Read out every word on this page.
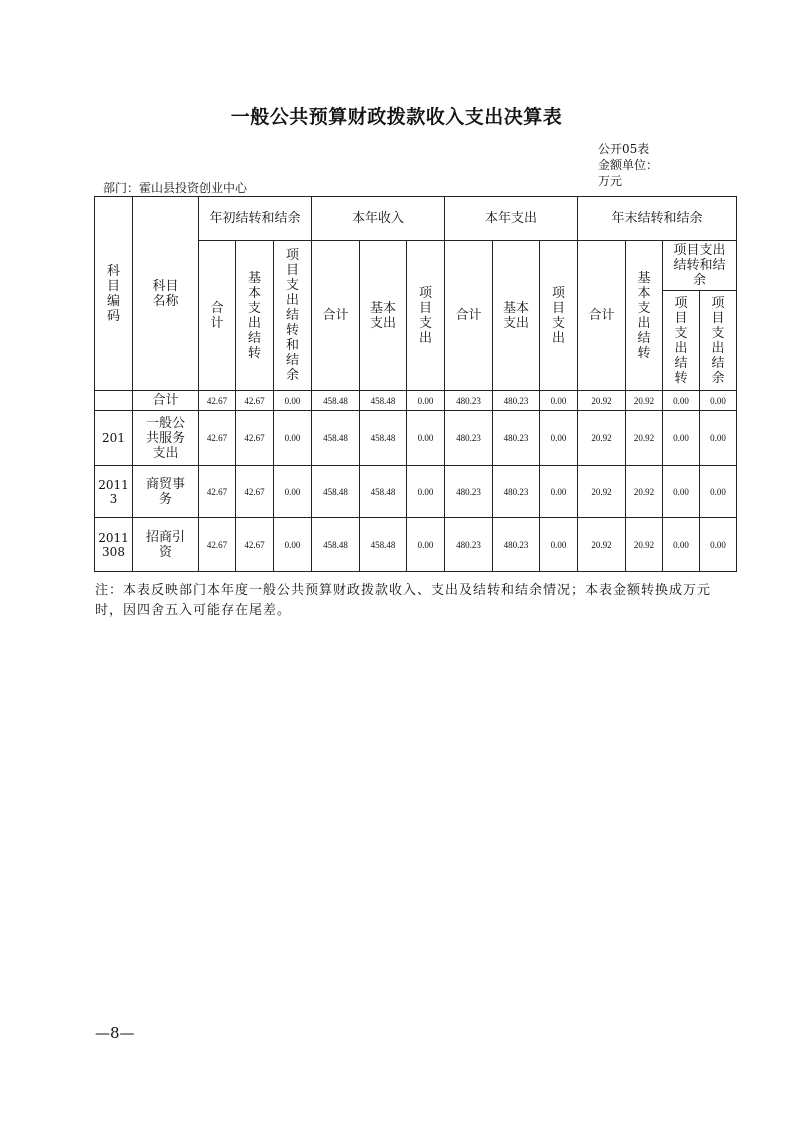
一般公共预算财政拨款收入支出决算表
公开05表
金额单位：
万元
部门：霍山县投资创业中心
科目编码	科目名称	年初结转和结余			本年收入			本年支出			年末结转和结余			
		合计	基本支出结转	项目支出结转和结余	合计	基本支出	项目支出	合计	基本支出	项目支出	合计	基本支出结转	项目支出结转和结余	
													项目支出结转	项目支出结余
	合计	42.67	42.67	0.00	458.48	458.48	0.00	480.23	480.23	0.00	20.92	20.92	0.00	0.00
201	一般公共服务支出	42.67	42.67	0.00	458.48	458.48	0.00	480.23	480.23	0.00	20.92	20.92	0.00	0.00
20113	商贸事务	42.67	42.67	0.00	458.48	458.48	0.00	480.23	480.23	0.00	20.92	20.92	0.00	0.00
2011308	招商引资	42.67	42.67	0.00	458.48	458.48	0.00	480.23	480.23	0.00	20.92	20.92	0.00	0.00
注：本表反映部门本年度一般公共预算财政拨款收入、支出及结转和结余情况；本表金额转换成万元时，因四舍五入可能存在尾差。
—8—
